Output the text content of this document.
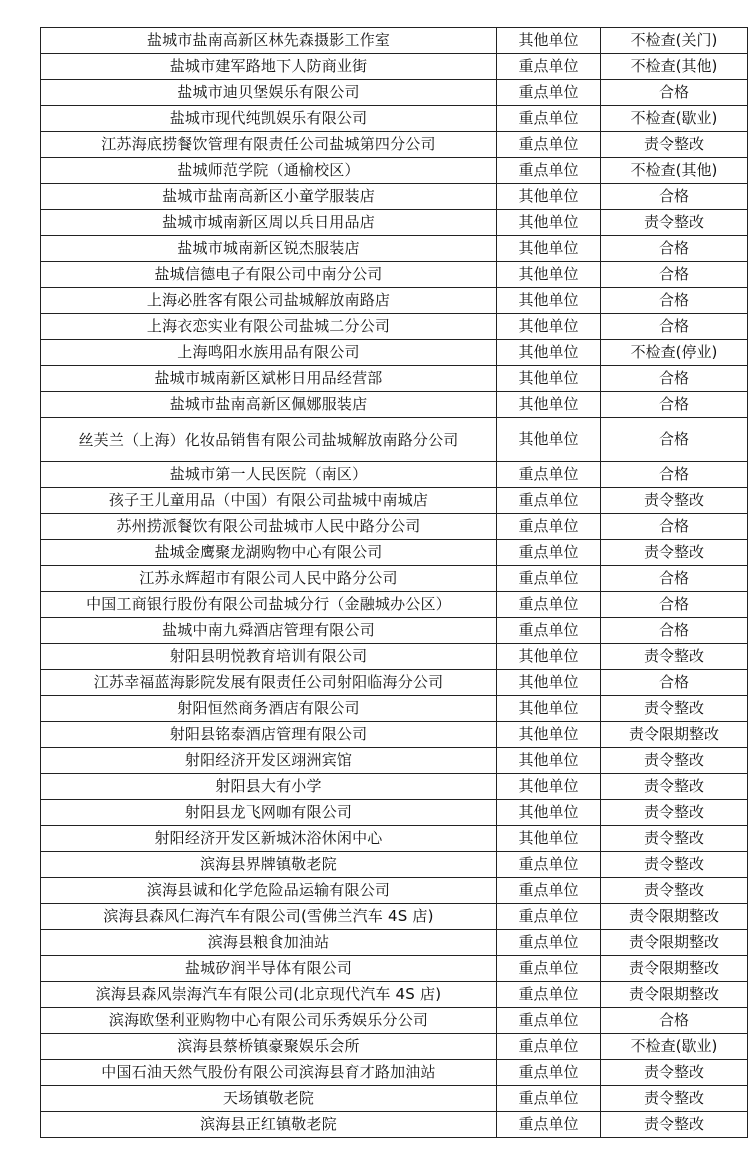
盐城市盐南高新区林先森摄影工作室	其他单位	不检查(关门)
盐城市建军路地下人防商业街	重点单位	不检查(其他)
盐城市迪贝堡娱乐有限公司	重点单位	合格
盐城市现代纯凯娱乐有限公司	重点单位	不检查(歇业)
江苏海底捞餐饮管理有限责任公司盐城第四分公司	重点单位	责令整改
盐城师范学院（通榆校区）	重点单位	不检查(其他)
盐城市盐南高新区小童学服装店	其他单位	合格
盐城市城南新区周以兵日用品店	其他单位	责令整改
盐城市城南新区锐杰服装店	其他单位	合格
盐城信德电子有限公司中南分公司	其他单位	合格
上海必胜客有限公司盐城解放南路店	其他单位	合格
上海衣恋实业有限公司盐城二分公司	其他单位	合格
上海鸣阳水族用品有限公司	其他单位	不检查(停业)
盐城市城南新区斌彬日用品经营部	其他单位	合格
盐城市盐南高新区佩娜服装店	其他单位	合格
丝芙兰（上海）化妆品销售有限公司盐城解放南路分公司	其他单位	合格
盐城市第一人民医院（南区）	重点单位	合格
孩子王儿童用品（中国）有限公司盐城中南城店	重点单位	责令整改
苏州捞派餐饮有限公司盐城市人民中路分公司	重点单位	合格
盐城金鹰聚龙湖购物中心有限公司	重点单位	责令整改
江苏永辉超市有限公司人民中路分公司	重点单位	合格
中国工商银行股份有限公司盐城分行（金融城办公区）	重点单位	合格
盐城中南九舜酒店管理有限公司	重点单位	合格
射阳县明悦教育培训有限公司	其他单位	责令整改
江苏幸福蓝海影院发展有限责任公司射阳临海分公司	其他单位	合格
射阳恒然商务酒店有限公司	其他单位	责令整改
射阳县铭泰酒店管理有限公司	其他单位	责令限期整改
射阳经济开发区翊洲宾馆	其他单位	责令整改
射阳县大有小学	其他单位	责令整改
射阳县龙飞网咖有限公司	其他单位	责令整改
射阳经济开发区新城沐浴休闲中心	其他单位	责令整改
滨海县界牌镇敬老院	重点单位	责令整改
滨海县诚和化学危险品运输有限公司	重点单位	责令整改
滨海县森风仁海汽车有限公司(雪佛兰汽车 4S 店)	重点单位	责令限期整改
滨海县粮食加油站	重点单位	责令限期整改
盐城矽润半导体有限公司	重点单位	责令限期整改
滨海县森风崇海汽车有限公司(北京现代汽车 4S 店)	重点单位	责令限期整改
滨海欧堡利亚购物中心有限公司乐秀娱乐分公司	重点单位	合格
滨海县蔡桥镇豪聚娱乐会所	重点单位	不检查(歇业)
中国石油天然气股份有限公司滨海县育才路加油站	重点单位	责令整改
天场镇敬老院	重点单位	责令整改
滨海县正红镇敬老院	重点单位	责令整改
